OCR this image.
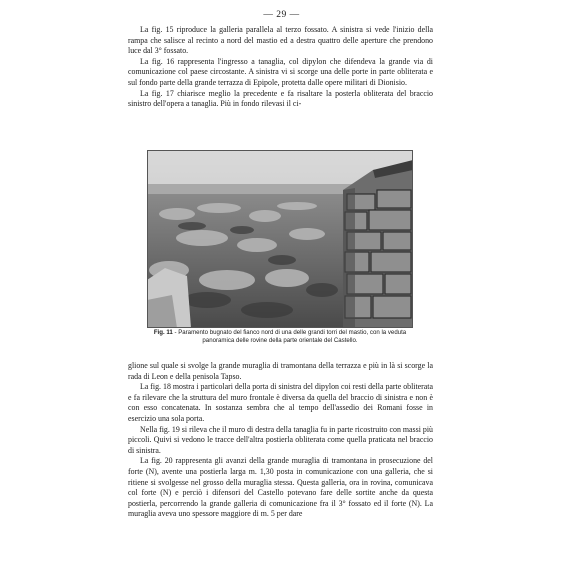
— 29 —

La fig. 15 riproduce la galleria parallela al terzo fossato. A sinistra si vede l'inizio della rampa che salisce al recinto a nord del mastio ed a destra quattro delle aperture che prendono luce dal 3° fossato.

La fig. 16 rappresenta l'ingresso a tanaglia, col dipylon che difendeva la grande via di comunicazione col paese circostante. A sinistra vi si scorge una delle porte in parte obliterata e sul fondo parte della grande terrazza di Epipole, protetta dalle opere militari di Dionisio.

La fig. 17 chiarisce meglio la precedente e fa risaltare la posterla obliterata del braccio sinistro dell'opera a tanaglia. Più in fondo rilevasi il ci-

Fig. 11 - Paramento bugnato del fianco nord di una delle grandi torri del mastio, con la veduta panoramica delle rovine della parte orientale del Castello.

glione sul quale si svolge la grande muraglia di tramontana della terrazza e più in là si scorge la rada di Leon e della penisola Tapso.

La fig. 18 mostra i particolari della porta di sinistra del dipylon coi resti della parte obliterata e fa rilevare che la struttura del muro frontale è diversa da quella del braccio di sinistra e non è con esso concatenata. In sostanza sembra che al tempo dell'assedio dei Romani fosse in esercizio una sola porta.

Nella fig. 19 si rileva che il muro di destra della tanaglia fu in parte ricostruito con massi più piccoli. Quivi si vedono le tracce dell'altra postierla obliterata come quella praticata nel braccio di sinistra.

La fig. 20 rappresenta gli avanzi della grande muraglia di tramontana in prosecuzione del forte (N), avente una postierla larga m. 1,30 posta in comunicazione con una galleria, che si ritiene si svolgesse nel grosso della muraglia stessa. Questa galleria, ora in rovina, comunicava col forte (N) e perciò i difensori del Castello potevano fare delle sortite anche da questa postierla, percorrendo la grande galleria di comunicazione fra il 3° fossato ed il forte (N). La muraglia aveva uno spessore maggiore di m. 5 per dare
